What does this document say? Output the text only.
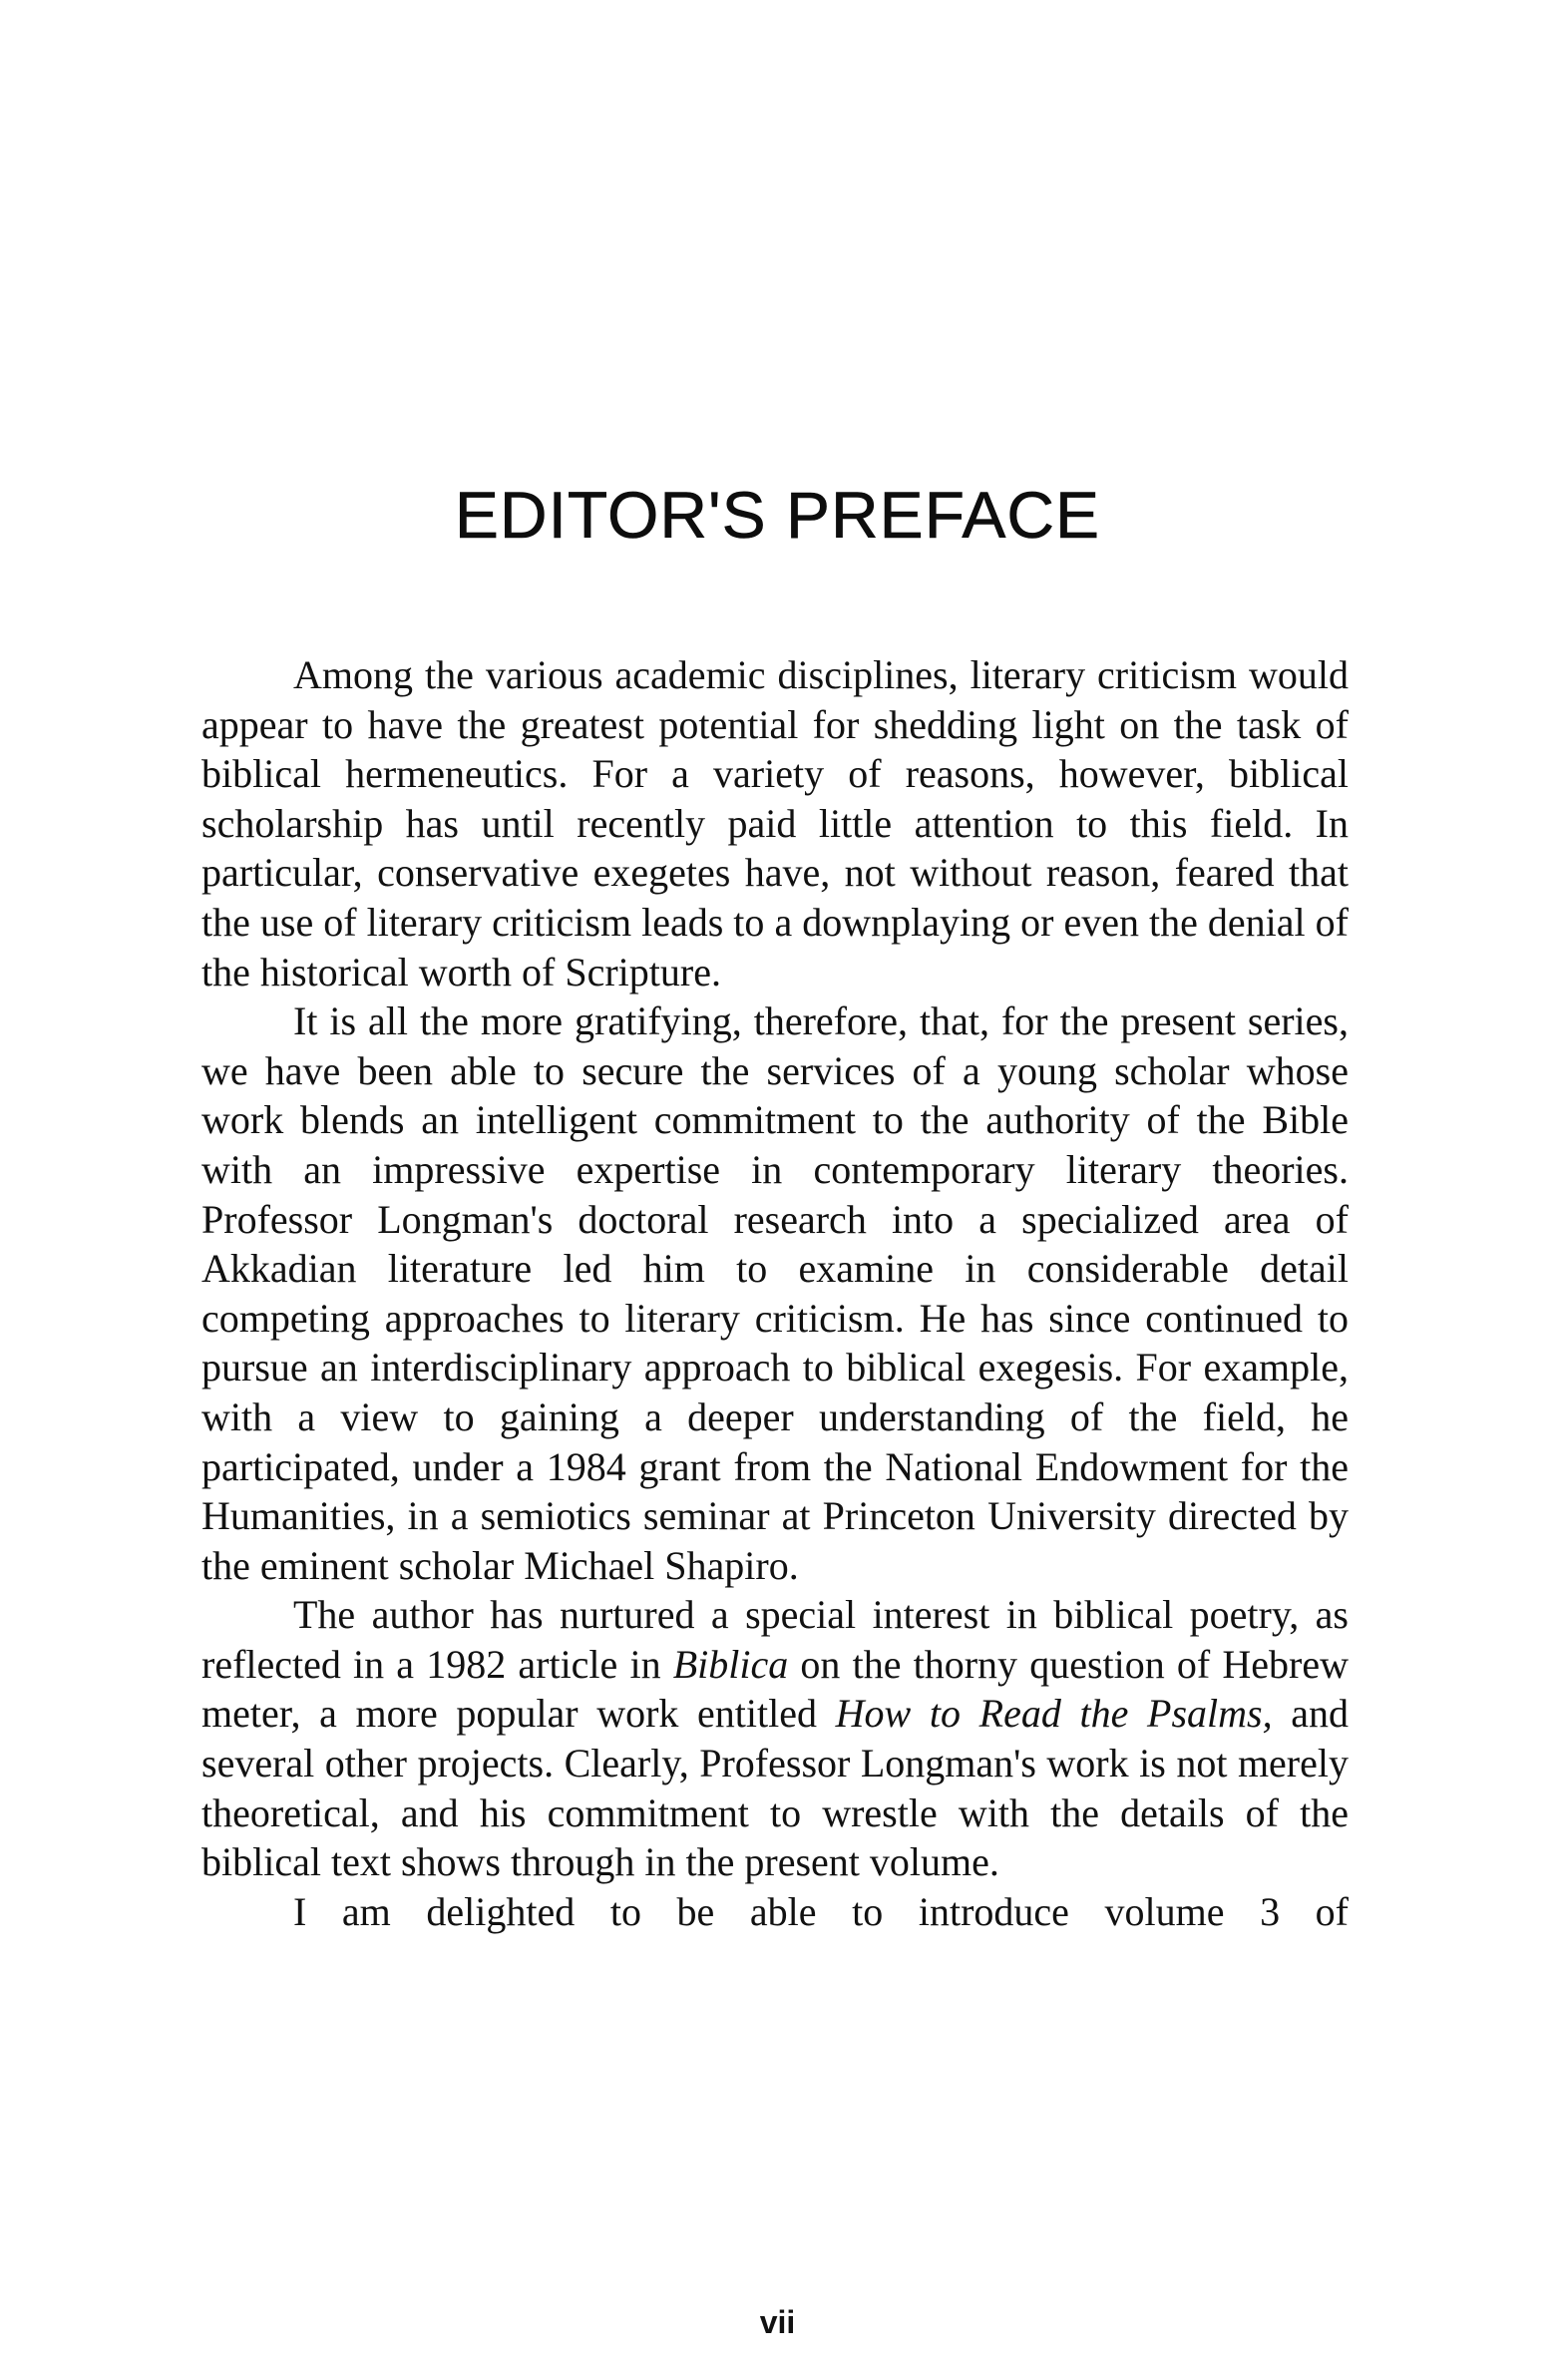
EDITOR'S PREFACE

Among the various academic disciplines, literary criticism would appear to have the greatest potential for shedding light on the task of biblical hermeneutics. For a variety of reasons, however, biblical scholarship has until recently paid little attention to this field. In particular, conservative exegetes have, not without reason, feared that the use of literary criticism leads to a downplaying or even the denial of the historical worth of Scripture.

It is all the more gratifying, therefore, that, for the present series, we have been able to secure the services of a young scholar whose work blends an intelligent commitment to the authority of the Bible with an impressive expertise in contemporary literary theories. Professor Longman's doctoral research into a specialized area of Akkadian literature led him to examine in considerable detail competing approaches to literary criticism. He has since continued to pursue an interdisciplinary approach to biblical exegesis. For example, with a view to gaining a deeper understanding of the field, he participated, under a 1984 grant from the National Endowment for the Humanities, in a semiotics seminar at Princeton University directed by the eminent scholar Michael Shapiro.

The author has nurtured a special interest in biblical poetry, as reflected in a 1982 article in Biblica on the thorny question of Hebrew meter, a more popular work entitled How to Read the Psalms, and several other projects. Clearly, Professor Longman's work is not merely theoretical, and his commitment to wrestle with the details of the biblical text shows through in the present volume.

I am delighted to be able to introduce volume 3 of

vii
